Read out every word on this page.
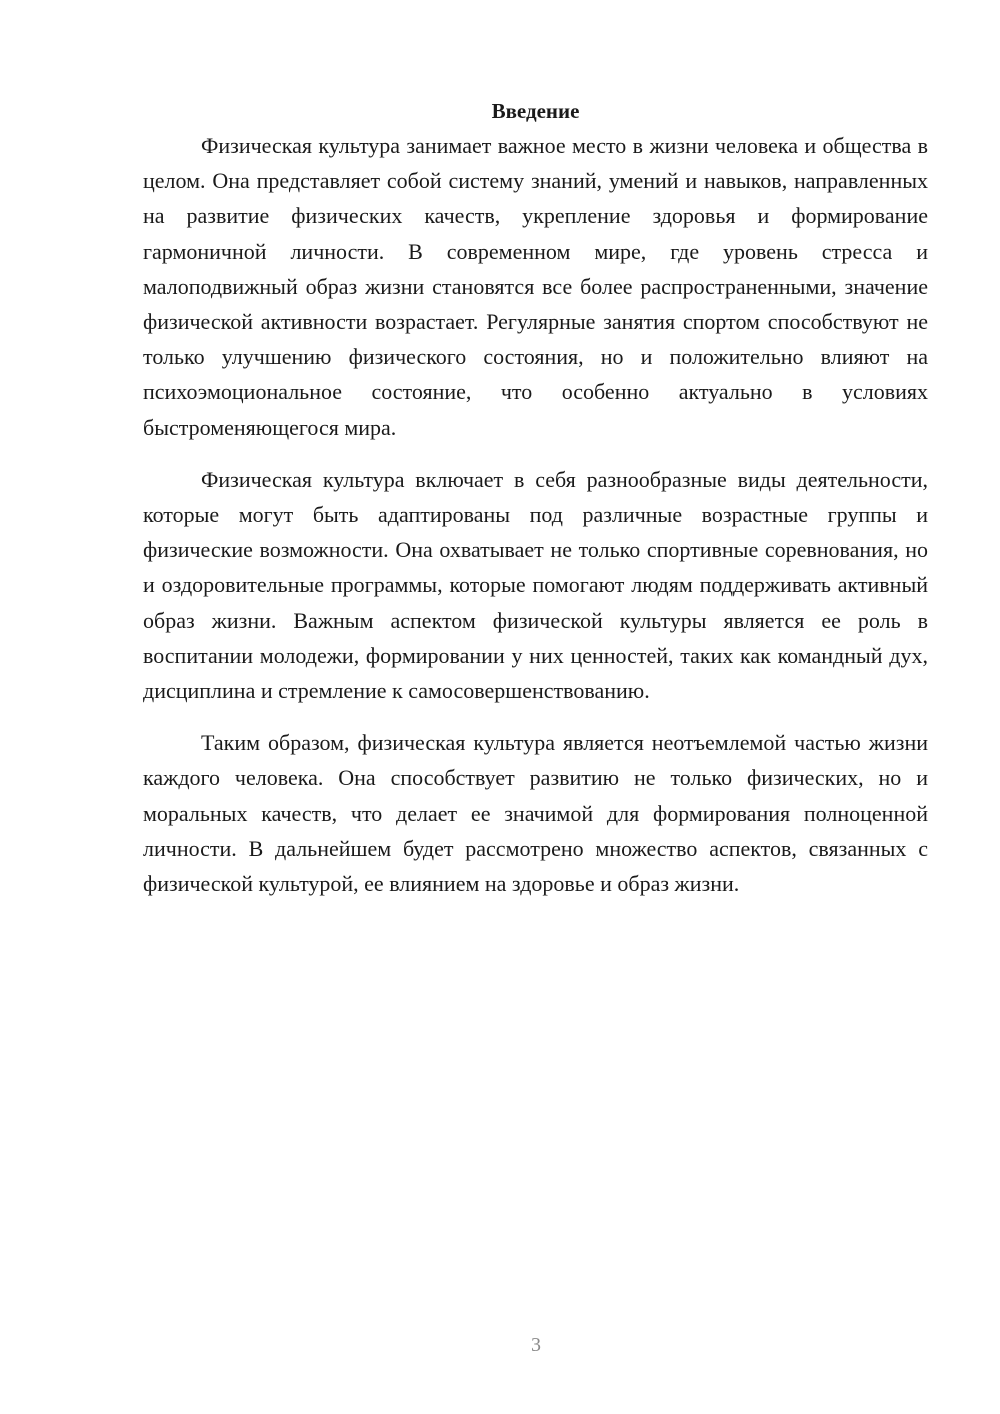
Введение

Физическая культура занимает важное место в жизни человека и общества в целом. Она представляет собой систему знаний, умений и навыков, направленных на развитие физических качеств, укрепление здоровья и формирование гармоничной личности. В современном мире, где уровень стресса и малоподвижный образ жизни становятся все более распространенными, значение физической активности возрастает. Регулярные занятия спортом способствуют не только улучшению физического состояния, но и положительно влияют на психоэмоциональное состояние, что особенно актуально в условиях быстроменяющегося мира.

Физическая культура включает в себя разнообразные виды деятельности, которые могут быть адаптированы под различные возрастные группы и физические возможности. Она охватывает не только спортивные соревнования, но и оздоровительные программы, которые помогают людям поддерживать активный образ жизни. Важным аспектом физической культуры является ее роль в воспитании молодежи, формировании у них ценностей, таких как командный дух, дисциплина и стремление к самосовершенствованию.

Таким образом, физическая культура является неотъемлемой частью жизни каждого человека. Она способствует развитию не только физических, но и моральных качеств, что делает ее значимой для формирования полноценной личности. В дальнейшем будет рассмотрено множество аспектов, связанных с физической культурой, ее влиянием на здоровье и образ жизни.

3
